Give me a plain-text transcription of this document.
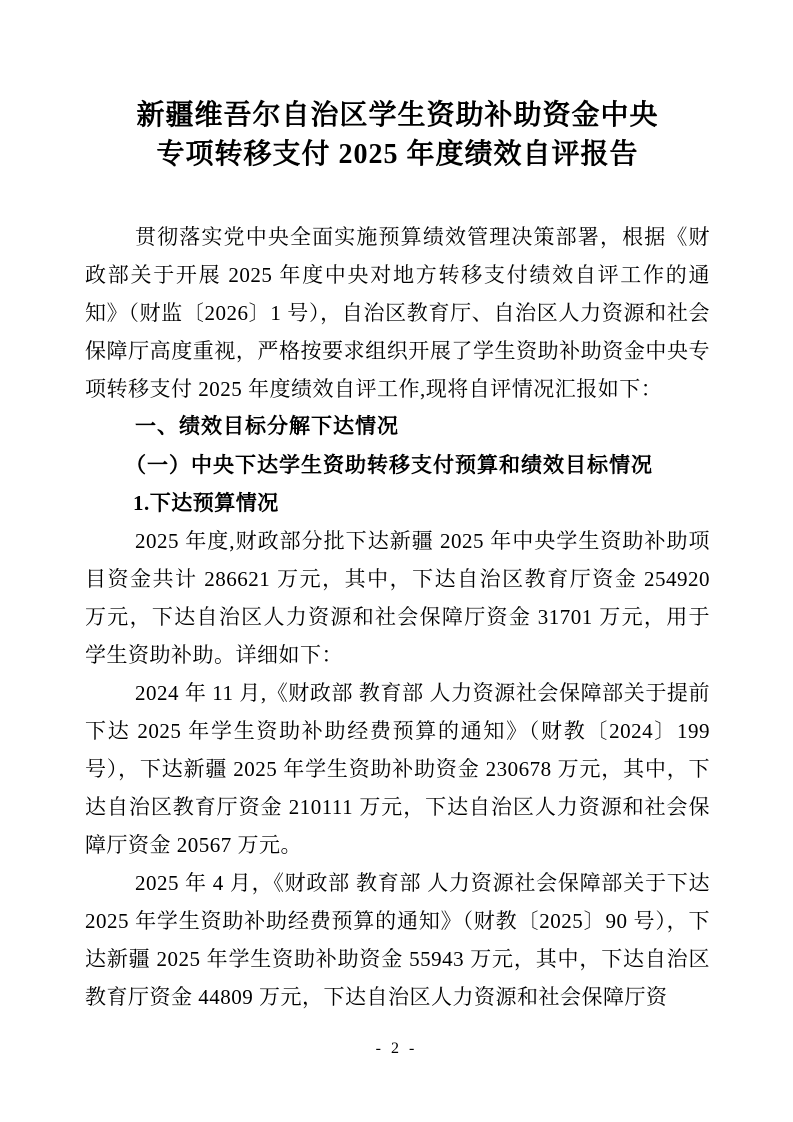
新疆维吾尔自治区学生资助补助资金中央
专项转移支付 2025 年度绩效自评报告

贯彻落实党中央全面实施预算绩效管理决策部署，根据《财政部关于开展 2025 年度中央对地方转移支付绩效自评工作的通知》（财监〔2026〕1 号），自治区教育厅、自治区人力资源和社会保障厅高度重视，严格按要求组织开展了学生资助补助资金中央专项转移支付 2025 年度绩效自评工作,现将自评情况汇报如下：

一、绩效目标分解下达情况
（一）中央下达学生资助转移支付预算和绩效目标情况
1.下达预算情况

2025 年度,财政部分批下达新疆 2025 年中央学生资助补助项目资金共计 286621 万元，其中，下达自治区教育厅资金 254920 万元，下达自治区人力资源和社会保障厅资金 31701 万元，用于学生资助补助。详细如下：

2024 年 11 月,《财政部 教育部 人力资源社会保障部关于提前下达 2025 年学生资助补助经费预算的通知》（财教〔2024〕199 号），下达新疆 2025 年学生资助补助资金 230678 万元，其中，下达自治区教育厅资金 210111 万元，下达自治区人力资源和社会保障厅资金 20567 万元。

2025 年 4 月，《财政部 教育部 人力资源社会保障部关于下达 2025 年学生资助补助经费预算的通知》（财教〔2025〕90 号），下达新疆 2025 年学生资助补助资金 55943 万元，其中，下达自治区教育厅资金 44809 万元，下达自治区人力资源和社会保障厅资

- 2 -
